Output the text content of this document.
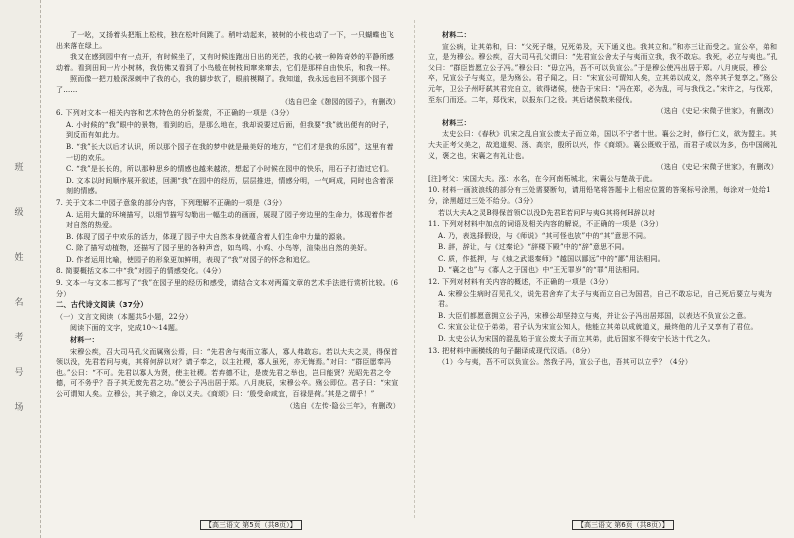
班
级
姓
名
考
号
场

了一吆，又扬着头把瓶上松枝，独在松叶间跳了。稍叶动起来，被树的小枝也动了一下，一只蝴蝶也飞出来落在绿上。

我又在感到园中有一点开，有时候坐了，又有时候连跑出日出的光芒，我的心被一种阵奇妙的平静所感动着。看到田间一片小树林，我仿佛又看到了小鸟般在树枝间窜来窜去，它们是那样自由快乐，和我一样。

照而像一把刀般深深刺中了我的心，我的脚步软了，眼前模糊了。我知道，我永远也回不到那个园子了……

（选自巴金《憩园的园子》，有删改）

6. 下列对文本一相关内容和艺术特色的分析鉴赏，不正确的一项是（3分）

A. 小时候的“我”眼中的景物，看到的后，是那么地在，我却说要过后面，但我要“我”就出便有的时子，到反而有如此力。

B. “我”长大以后才认识，所以那个园子在我的梦中就是最美好的地方，“它们才是我的乐园”，这里有着一切的欢乐。

C. “我”是长长的，所以那种思乡的情感也越来越浓，想起了小时候在园中的快乐，用石子打造过它们。

D. 文本以时间顺序展开叙述，回溯“我”在园中的经历，层层推进，情感分明，一气呵成，同时也含着深刻的情感。

7. 关于文本二中园子意象的部分内容，下列理解不正确的一项是（3分）

A. 运用大量的环境描写，以细节描写勾勒出一幅生动的画面，展现了园子旁边里的生命力，体现着作者对自然的热爱。

B. 体现了园子中欢乐的活力，体现了园子中大自然本身就蕴含着人们生命中力量的源泉。

C. 除了描写动植物，还描写了园子里的各种声音，如鸟鸣、小鸡、小鸟等，渲染出自然的美好。

D. 作者运用比喻，使园子的形象更加鲜明，表现了“我”对园子的怀念和追忆。

8. 简要概括文本二中“我”对园子的情感变化。（4分）

9. 文本一与文本二都写了“我”在园子里的经历和感受，请结合文本对两篇文章的艺术手法进行赏析比较。（6分）

二、古代诗文阅读（37分）

（一）文言文阅读（本题共5小题，22分）

阅读下面的文字，完成10～14题。

材料一：

宋穆公疾，召大司马孔父而属殇公焉，曰：“先君舍与夷而立寡人，寡人弗敢忘。若以大夫之灵，得保首领以没，先君若问与夷，其将何辞以对？请子奉之，以主社稷，寡人虽死，亦无悔焉。”对曰：“群臣愿奉冯也。”公曰：“不可。先君以寡人为贤，使主社稷。若弃德不让，是废先君之举也，岂曰能贤？光昭先君之令德，可不务乎？吾子其无废先君之功。”使公子冯出居于郑。八月庚辰，宋穆公卒。殇公即位。君子曰：“宋宣公可谓知人矣。立穆公，其子飨之，命以义夫。《商颂》曰：‘殷受命咸宜，百禄是荷。’其是之谓乎！”

（选自《左传·隐公三年》，有删改）

材料二：

宣公病，让其弟和，曰：“父死子继，兄死弟及，天下通义也。我其立和。”和亦三让而受之。宣公卒，弟和立，是为穆公。穆公疾，召大司马孔父谓曰：“先君宣公舍太子与夷而立我，我不敢忘。我死，必立与夷也。”孔父曰：“群臣皆愿立公子冯。”穆公曰：“毋立冯，吾不可以负宣公。”于是穆公使冯出居于郑。八月庚辰，穆公卒，兄宣公子与夷立，是为殇公。君子闻之，曰：“宋宣公可谓知人矣，立其弟以成义，然卒其子复享之。”殇公元年，卫公子州吁弑其君完自立，欲得诸侯，使告于宋曰：“冯在郑，必为乱，可与我伐之。”宋许之，与伐郑，至东门而还。二年，郑伐宋，以报东门之役。其后诸侯数来侵伐。

（选自《史记·宋微子世家》，有删改）

材料三：

太史公曰：《春秋》讥宋之乱自宣公废太子而立弟，国以不宁者十世。襄公之时，修行仁义，欲为盟主。其大夫正考父美之，故追道契、汤、高宗，殷所以兴，作《商颂》。襄公既败于泓，而君子或以为多，伤中国阙礼义，褒之也，宋襄之有礼让也。

（选自《史记·宋微子世家》，有删改）

[注]考父：宋国大夫。泓：水名，在今河南柘城北，宋襄公与楚战于此。

10. 材料一画波浪线的部分有三处需要断句，请用铅笔将答题卡上相应位置的答案标号涂黑，每涂对一处给1分，涂黑超过三处不给分。（3分）

若以大夫A之灵B得保首领C以没D先君E若问F与夷G其将何H辞以对

11. 下列对材料中加点的词语及相关内容的解说，不正确的一项是（3分）

A. 乃，表选择假设，与《师说》“其可怪也欤”中的“其”意思不同。

B. 辞，辞让，与《过秦论》“辞楼下殿”中的“辞”意思不同。

C. 质，作抵押，与《烛之武退秦师》“越国以鄙远”中的“鄙”用法相同。

D. “襄之也”与《寡人之于国也》中“王无罪岁”的“罪”用法相同。

12. 下列对材料有关内容的概述，不正确的一项是（3分）

A. 宋穆公生病时召见孔父，说先君舍弃了太子与夷而立自己为国君，自己不敢忘记，自己死后要立与夷为君。

B. 大臣们都愿意拥立公子冯，宋穆公却坚持立与夷，并让公子冯出居郑国，以表达不负宣公之意。

C. 宋宣公让位于弟弟，君子认为宋宣公知人，他能立其弟以成就道义，最终他的儿子又享有了君位。

D. 太史公认为宋国的混乱始于宣公废太子而立其弟，此后国家不得安宁长达十代之久。

13. 把材料中画横线的句子翻译成现代汉语。（8分）

（1）今与夷，吾不可以负宣公。然我子冯，宣公子也，吾其可以立乎？（4分）

【高三语文 第5页（共8页）】	【高三语文 第6页（共8页）】
